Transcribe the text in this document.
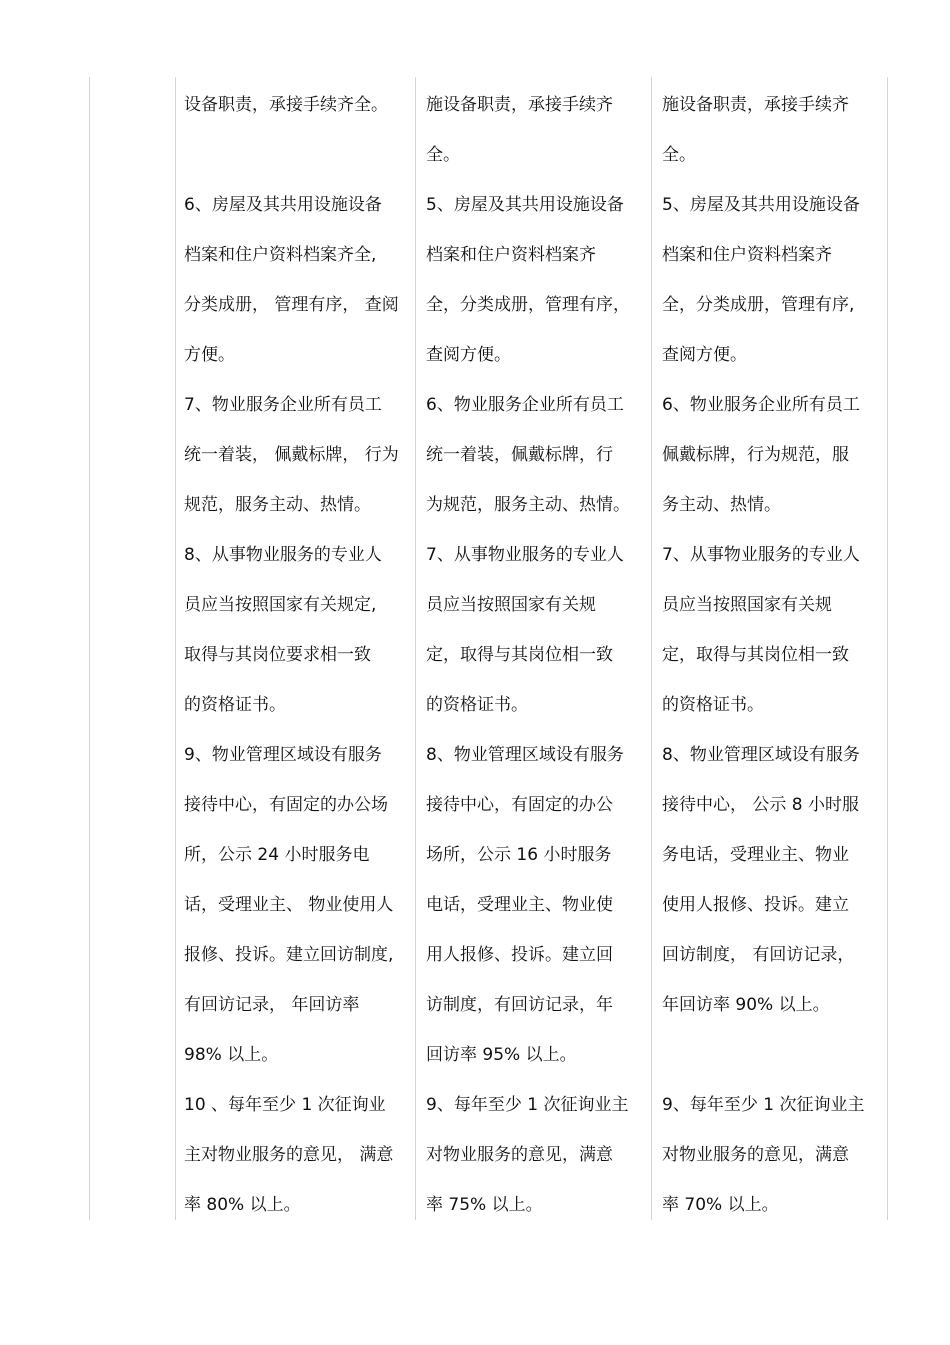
设备职责，承接手续齐全。
6、房屋及其共用设施设备
档案和住户资料档案齐全,
分类成册， 管理有序， 查阅
方便。
7、物业服务企业所有员工
统一着装， 佩戴标牌， 行为
规范，服务主动、热情。
8、从事物业服务的专业人
员应当按照国家有关规定,
取得与其岗位要求相一致
的资格证书。
9、物业管理区域设有服务
接待中心，有固定的办公场
所，公示 24 小时服务电
话，受理业主、 物业使用人
报修、投诉。建立回访制度,
有回访记录， 年回访率
98% 以上。
10 、每年至少 1 次征询业
主对物业服务的意见， 满意
率 80% 以上。
施设备职责，承接手续齐
全。
5、房屋及其共用设施设备
档案和住户资料档案齐
全，分类成册，管理有序，
查阅方便。
6、物业服务企业所有员工
统一着装，佩戴标牌，行
为规范，服务主动、热情。
7、从事物业服务的专业人
员应当按照国家有关规
定，取得与其岗位相一致
的资格证书。
8、物业管理区域设有服务
接待中心，有固定的办公
场所，公示 16 小时服务
电话，受理业主、物业使
用人报修、投诉。建立回
访制度，有回访记录，年
回访率 95% 以上。
9、每年至少 1 次征询业主
对物业服务的意见，满意
率 75% 以上。
施设备职责，承接手续齐
全。
5、房屋及其共用设施设备
档案和住户资料档案齐
全，分类成册，管理有序,
查阅方便。
6、物业服务企业所有员工
佩戴标牌，行为规范，服
务主动、热情。
7、从事物业服务的专业人
员应当按照国家有关规
定，取得与其岗位相一致
的资格证书。
8、物业管理区域设有服务
接待中心， 公示 8 小时服
务电话，受理业主、物业
使用人报修、投诉。建立
回访制度， 有回访记录，
年回访率 90% 以上。
9、每年至少 1 次征询业主
对物业服务的意见，满意
率 70% 以上。
